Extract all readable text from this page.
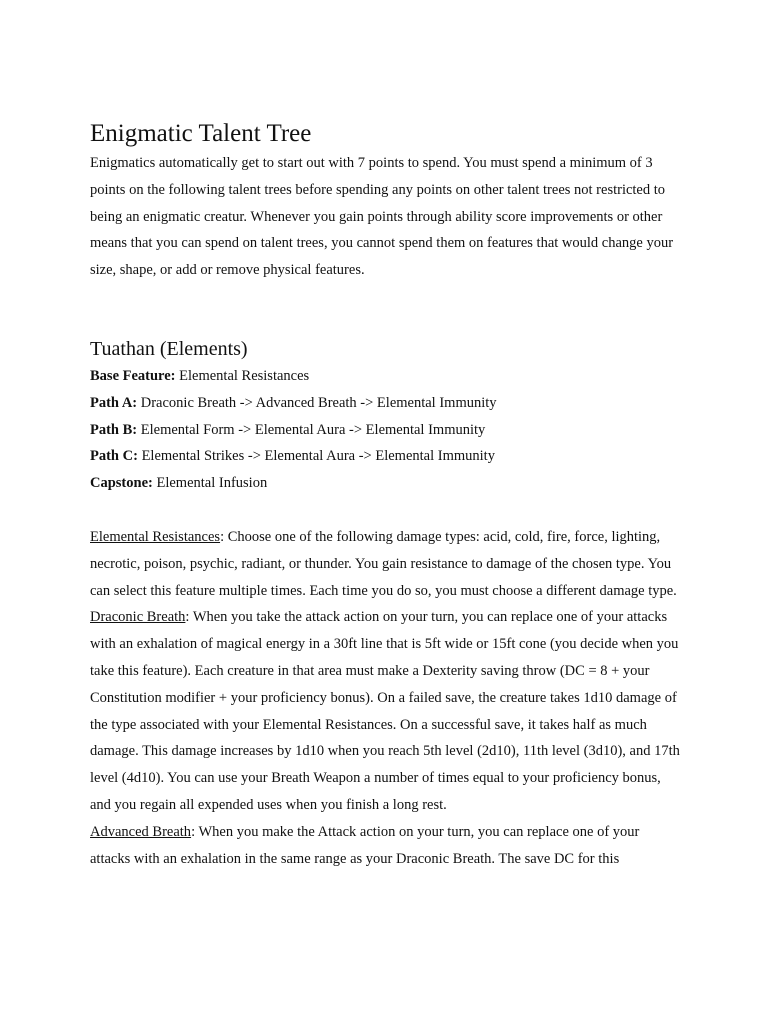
Enigmatic Talent Tree

Enigmatics automatically get to start out with 7 points to spend. You must spend a minimum of 3 points on the following talent trees before spending any points on other talent trees not restricted to being an enigmatic creatur. Whenever you gain points through ability score improvements or other means that you can spend on talent trees, you cannot spend them on features that would change your size, shape, or add or remove physical features.

Tuathan (Elements)
Base Feature: Elemental Resistances
Path A: Draconic Breath -> Advanced Breath -> Elemental Immunity
Path B: Elemental Form -> Elemental Aura -> Elemental Immunity
Path C: Elemental Strikes -> Elemental Aura -> Elemental Immunity
Capstone: Elemental Infusion

Elemental Resistances: Choose one of the following damage types: acid, cold, fire, force, lighting, necrotic, poison, psychic, radiant, or thunder. You gain resistance to damage of the chosen type. You can select this feature multiple times. Each time you do so, you must choose a different damage type.

Draconic Breath: When you take the attack action on your turn, you can replace one of your attacks with an exhalation of magical energy in a 30ft line that is 5ft wide or 15ft cone (you decide when you take this feature). Each creature in that area must make a Dexterity saving throw (DC = 8 + your Constitution modifier + your proficiency bonus). On a failed save, the creature takes 1d10 damage of the type associated with your Elemental Resistances. On a successful save, it takes half as much damage. This damage increases by 1d10 when you reach 5th level (2d10), 11th level (3d10), and 17th level (4d10). You can use your Breath Weapon a number of times equal to your proficiency bonus, and you regain all expended uses when you finish a long rest.

Advanced Breath: When you make the Attack action on your turn, you can replace one of your attacks with an exhalation in the same range as your Draconic Breath. The save DC for this
